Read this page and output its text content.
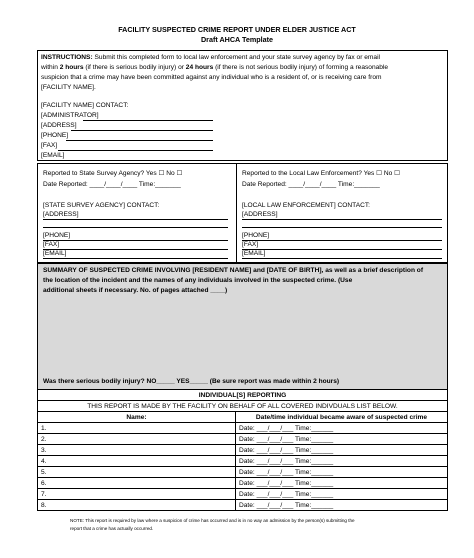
FACILITY SUSPECTED CRIME REPORT UNDER ELDER JUSTICE ACT
Draft AHCA Template
INSTRUCTIONS: Submit this completed form to local law enforcement and your state survey agency by fax or email
within 2 hours (if there is serious bodily injury) or 24 hours (if there is not serious bodily injury) of forming a reasonable
suspicion that a crime may have been committed against any individual who is a resident of, or is receiving care from
[FACILITY NAME].
[FACILITY NAME] CONTACT:
[ADMINISTRATOR]
[ADDRESS]
[PHONE]
[FAX]
[EMAIL]
Reported to State Survey Agency? Yes ☐ No ☐
Date Reported: ____/____/____ Time:_______
[STATE SURVEY AGENCY] CONTACT:
[ADDRESS]
[PHONE]
[FAX]
[EMAIL]
Reported to the Local Law Enforcement? Yes ☐ No ☐
Date Reported: ____/____/____ Time:_______
[LOCAL LAW ENFORCEMENT] CONTACT:
[ADDRESS]
[PHONE]
[FAX]
[EMAIL]
SUMMARY OF SUSPECTED CRIME INVOLVING [RESIDENT NAME] and [DATE OF BIRTH], as well as a brief description of
the location of the incident and the names of any individuals involved in the suspected crime. (Use
additional sheets if necessary. No. of pages attached ____)
Was there serious bodily injury? NO_____ YES_____ (Be sure report was made within 2 hours)
INDIVIDUAL[S] REPORTING	
THIS REPORT IS MADE BY THE FACILITY ON BEHALF OF ALL COVERED INDIVDUALS LIST BELOW.	
Name:	Date/time individual became aware of suspected crime
1.	Date: ___/___/___ Time:______
2.	Date: ___/___/___ Time:______
3.	Date: ___/___/___ Time:______
4.	Date: ___/___/___ Time:______
5.	Date: ___/___/___ Time:______
6.	Date: ___/___/___ Time:______
7.	Date: ___/___/___ Time:______
8.	Date: ___/___/___ Time:______
NOTE: This report is required by law where a suspicion of crime has occurred and is in no way an admission by the person(s) submitting the
report that a crime has actually occurred.
